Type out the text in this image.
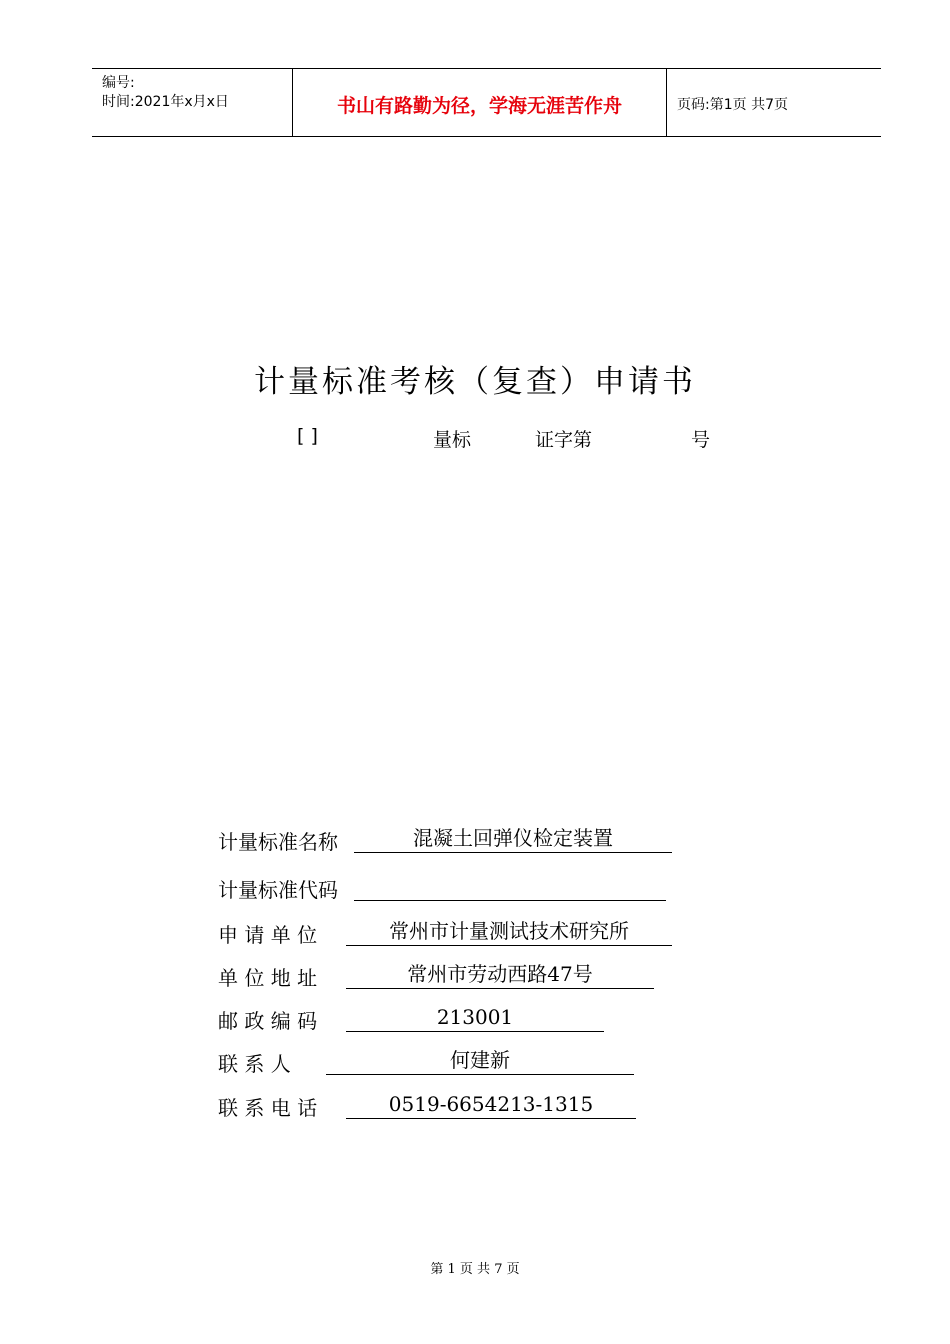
编号:
时间:2021年x月x日	书山有路勤为径，学海无涯苦作舟	页码:第1页 共7页
计量标准考核（复查）申请书
[ ]	量标	证字第	号
计量标准名称	混凝土回弹仪检定装置
计量标准代码
申 请 单 位	常州市计量测试技术研究所
单 位 地 址	常州市劳动西路47号
邮 政 编 码	213001
联 系 人	何建新
联 系 电 话	0519-6654213-1315
第 1 页 共 7 页
